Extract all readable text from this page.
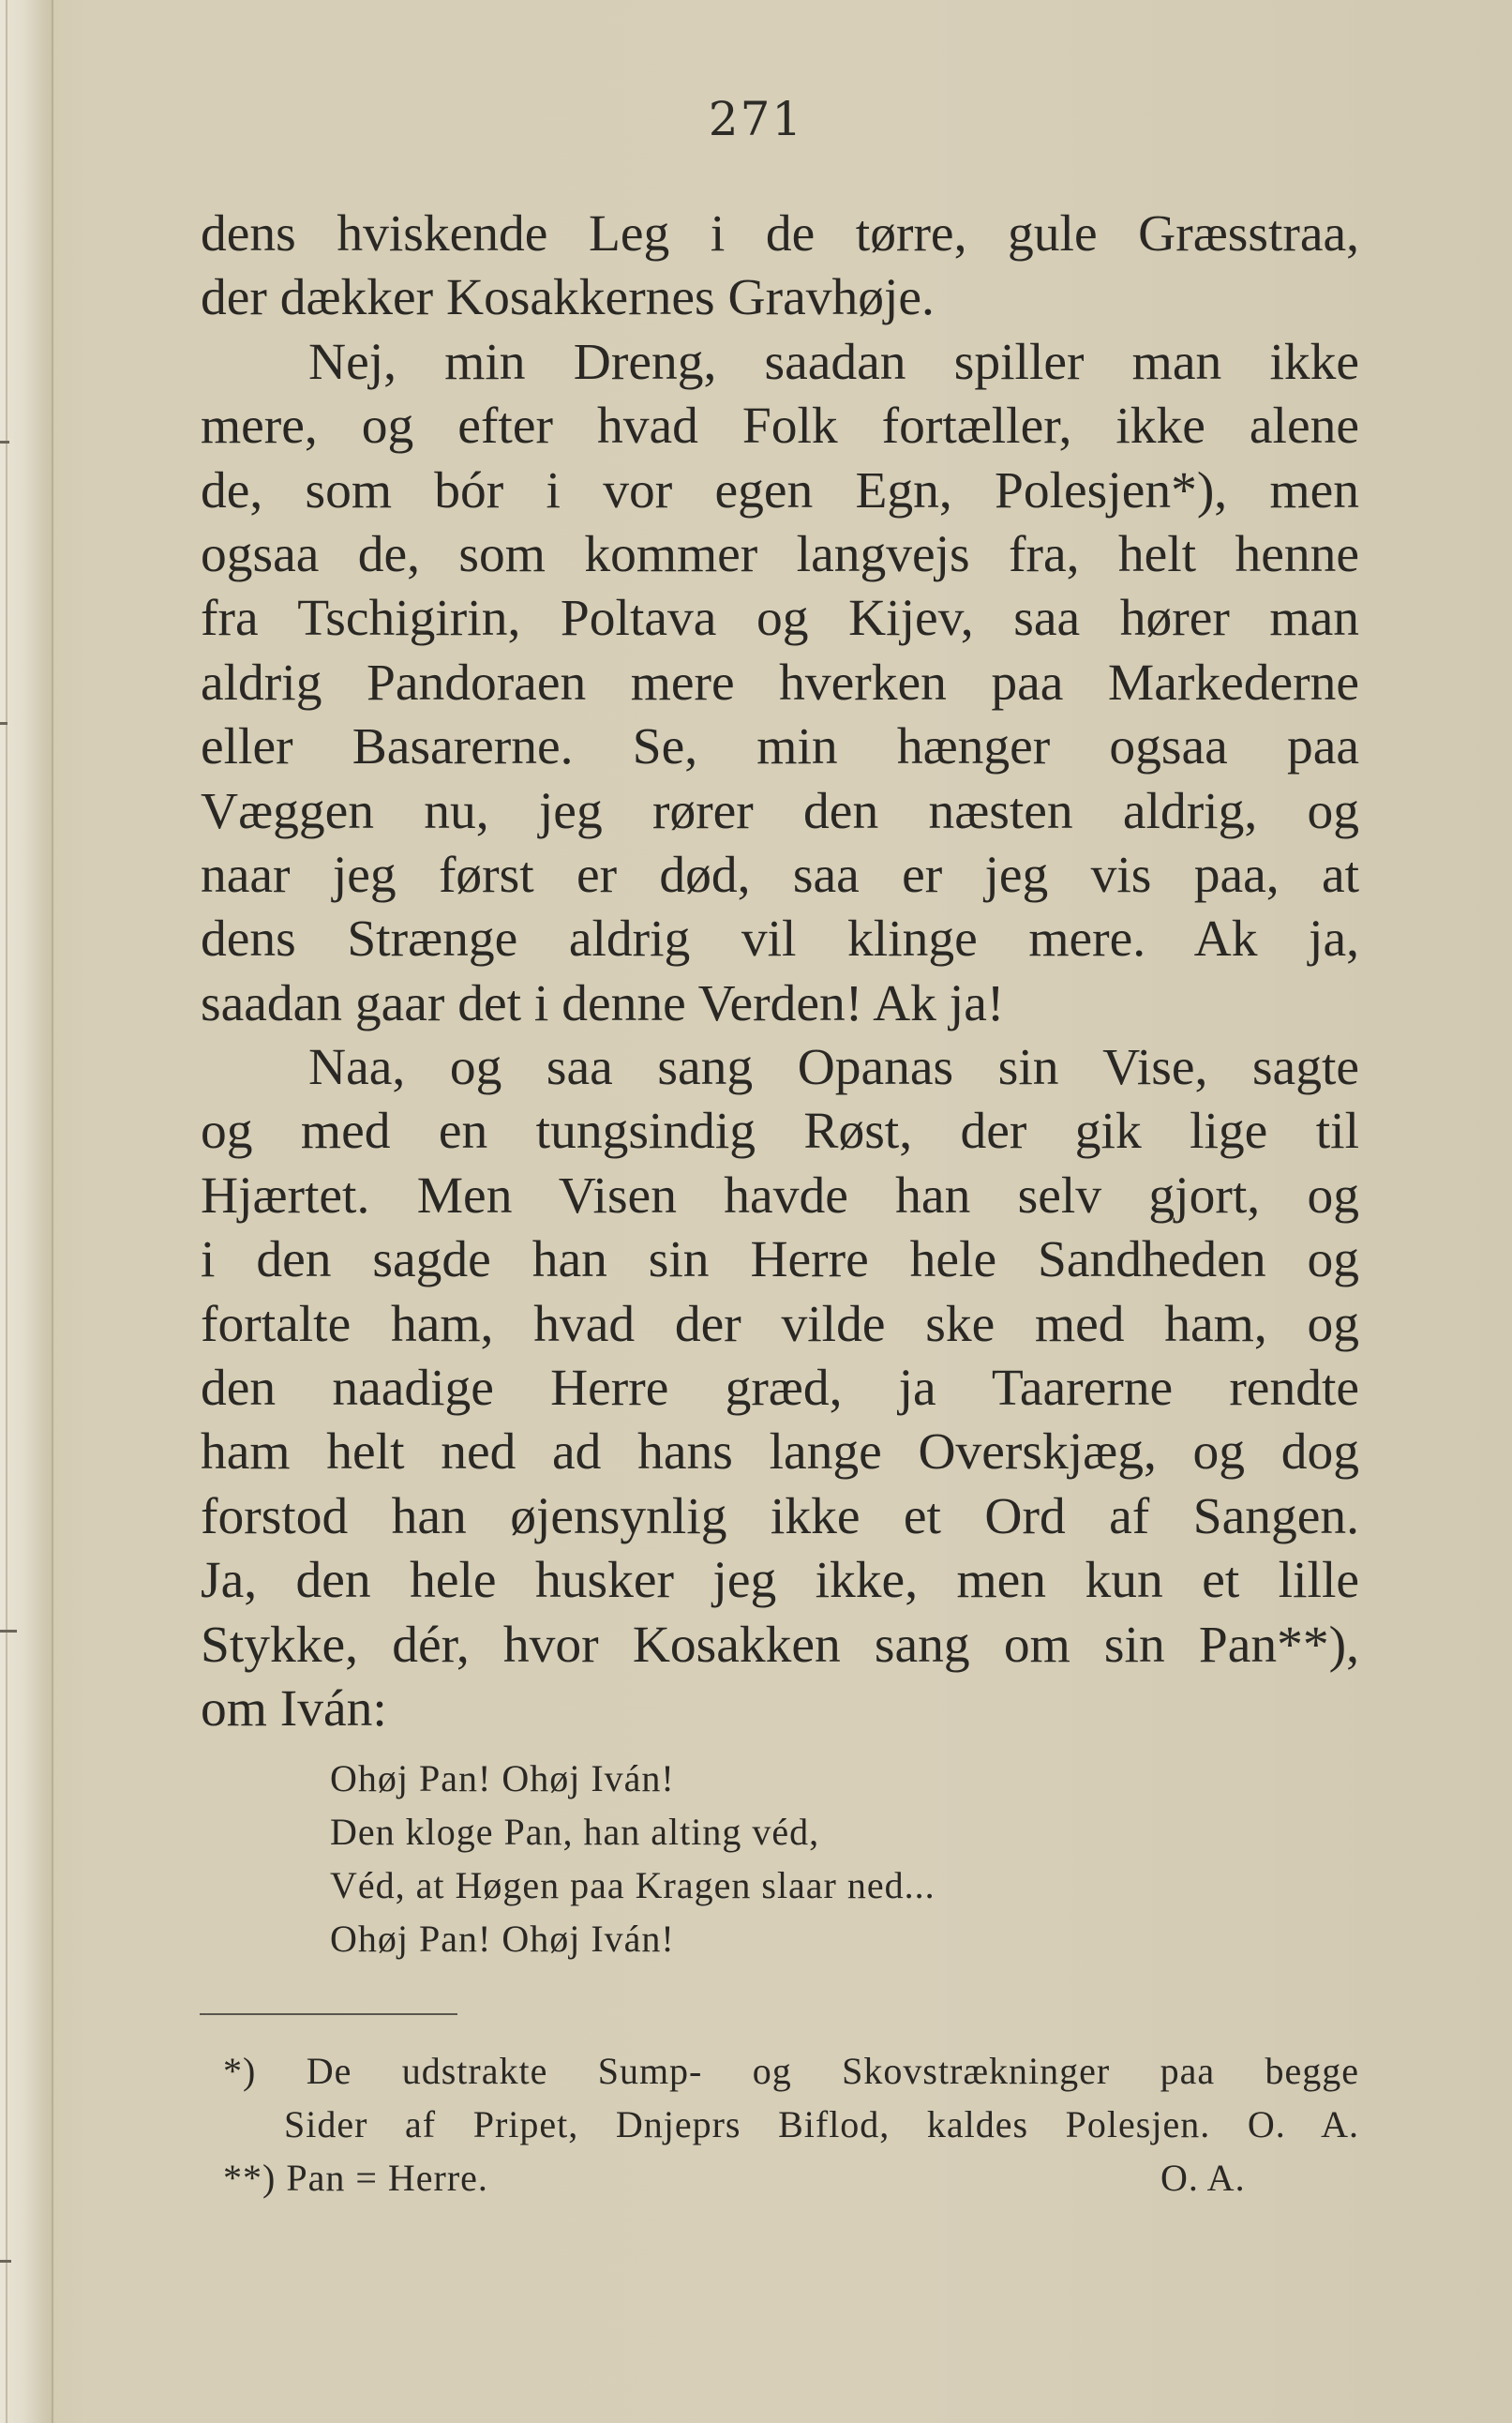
271
dens hviskende Leg i de tørre, gule Græsstraa,
der dækker Kosakkernes Gravhøje.
Nej, min Dreng, saadan spiller man ikke
mere, og efter hvad Folk fortæller, ikke alene
de, som bór i vor egen Egn, Polesjen*), men
ogsaa de, som kommer langvejs fra, helt henne
fra Tschigirin, Poltava og Kijev, saa hører man
aldrig Pandoraen mere hverken paa Markederne
eller Basarerne. Se, min hænger ogsaa paa
Væggen nu, jeg rører den næsten aldrig, og
naar jeg først er død, saa er jeg vis paa, at
dens Strænge aldrig vil klinge mere. Ak ja,
saadan gaar det i denne Verden! Ak ja!
Naa, og saa sang Opanas sin Vise, sagte
og med en tungsindig Røst, der gik lige til
Hjærtet. Men Visen havde han selv gjort, og
i den sagde han sin Herre hele Sandheden og
fortalte ham, hvad der vilde ske med ham, og
den naadige Herre græd, ja Taarerne rendte
ham helt ned ad hans lange Overskjæg, og dog
forstod han øjensynlig ikke et Ord af Sangen.
Ja, den hele husker jeg ikke, men kun et lille
Stykke, dér, hvor Kosakken sang om sin Pan**),
om Iván:
Ohøj Pan! Ohøj Iván!
Den kloge Pan, han alting véd,
Véd, at Høgen paa Kragen slaar ned...
Ohøj Pan! Ohøj Iván!
*) De udstrakte Sump- og Skovstrækninger paa begge
Sider af Pripet, Dnjeprs Biflod, kaldes Polesjen. O. A.
**) Pan = Herre.	O. A.
